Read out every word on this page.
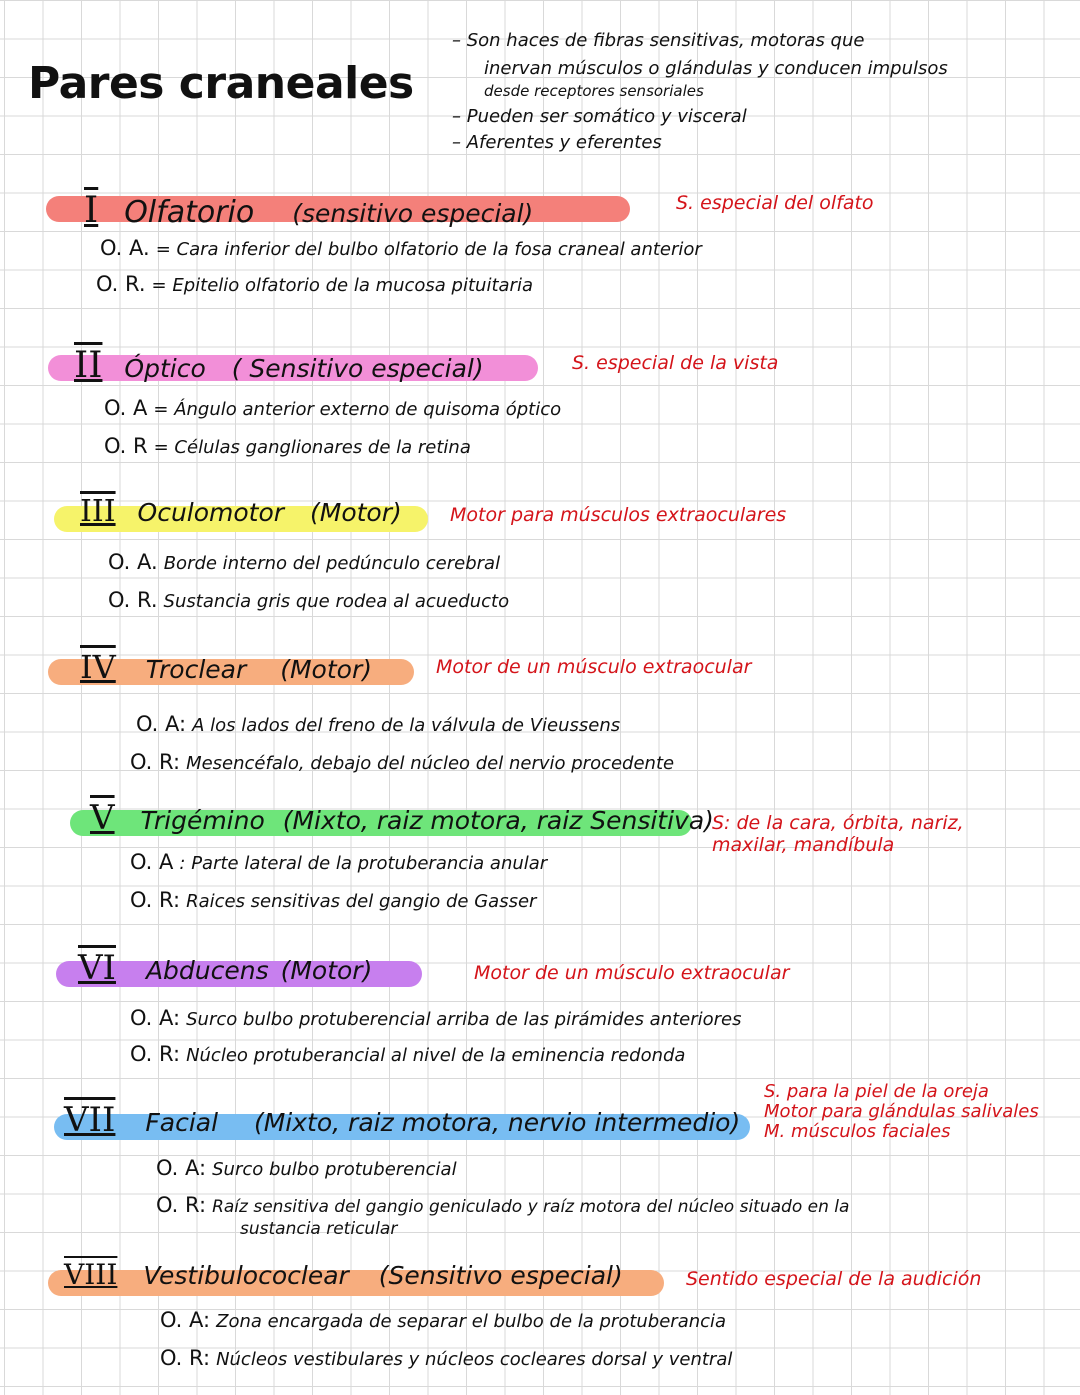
Pares craneales
– Son haces de fibras sensitivas, motoras que
inervan músculos o glándulas y conducen impulsos
desde receptores sensoriales
– Pueden ser somático y visceral
– Aferentes y eferentes
I Olfatorio (sensitivo especial)	S. especial del olfato
O. A. = Cara inferior del bulbo olfatorio de la fosa craneal anterior
O. R. = Epitelio olfatorio de la mucosa pituitaria
II Óptico ( Sensitivo especial)	S. especial de la vista
O. A = Ángulo anterior externo de quisoma óptico
O. R = Células ganglionares de la retina
III Oculomotor (Motor)	Motor para músculos extraoculares
O. A. Borde interno del pedúnculo cerebral
O. R. Sustancia gris que rodea al acueducto
IV Troclear (Motor)	Motor de un músculo extraocular
O. A: A los lados del freno de la válvula de Vieussens
O. R: Mesencéfalo, debajo del núcleo del nervio procedente
V Trigémino (Mixto, raiz motora, raiz Sensitiva)
S: de la cara, órbita, nariz,
maxilar, mandíbula
O. A : Parte lateral de la protuberancia anular
O. R: Raices sensitivas del gangio de Gasser
VI Abducens (Motor)	Motor de un músculo extraocular
O. A: Surco bulbo protuberencial arriba de las pirámides anteriores
O. R: Núcleo protuberancial al nivel de la eminencia redonda
VII Facial (Mixto, raiz motora, nervio intermedio)
S. para la piel de la oreja
Motor para glándulas salivales
M. músculos faciales
O. A: Surco bulbo protuberencial
O. R: Raíz sensitiva del gangio geniculado y raíz motora del núcleo situado en la
sustancia reticular
VIII Vestibulococlear (Sensitivo especial)	Sentido especial de la audición
O. A: Zona encargada de separar el bulbo de la protuberancia
O. R: Núcleos vestibulares y núcleos cocleares dorsal y ventral
